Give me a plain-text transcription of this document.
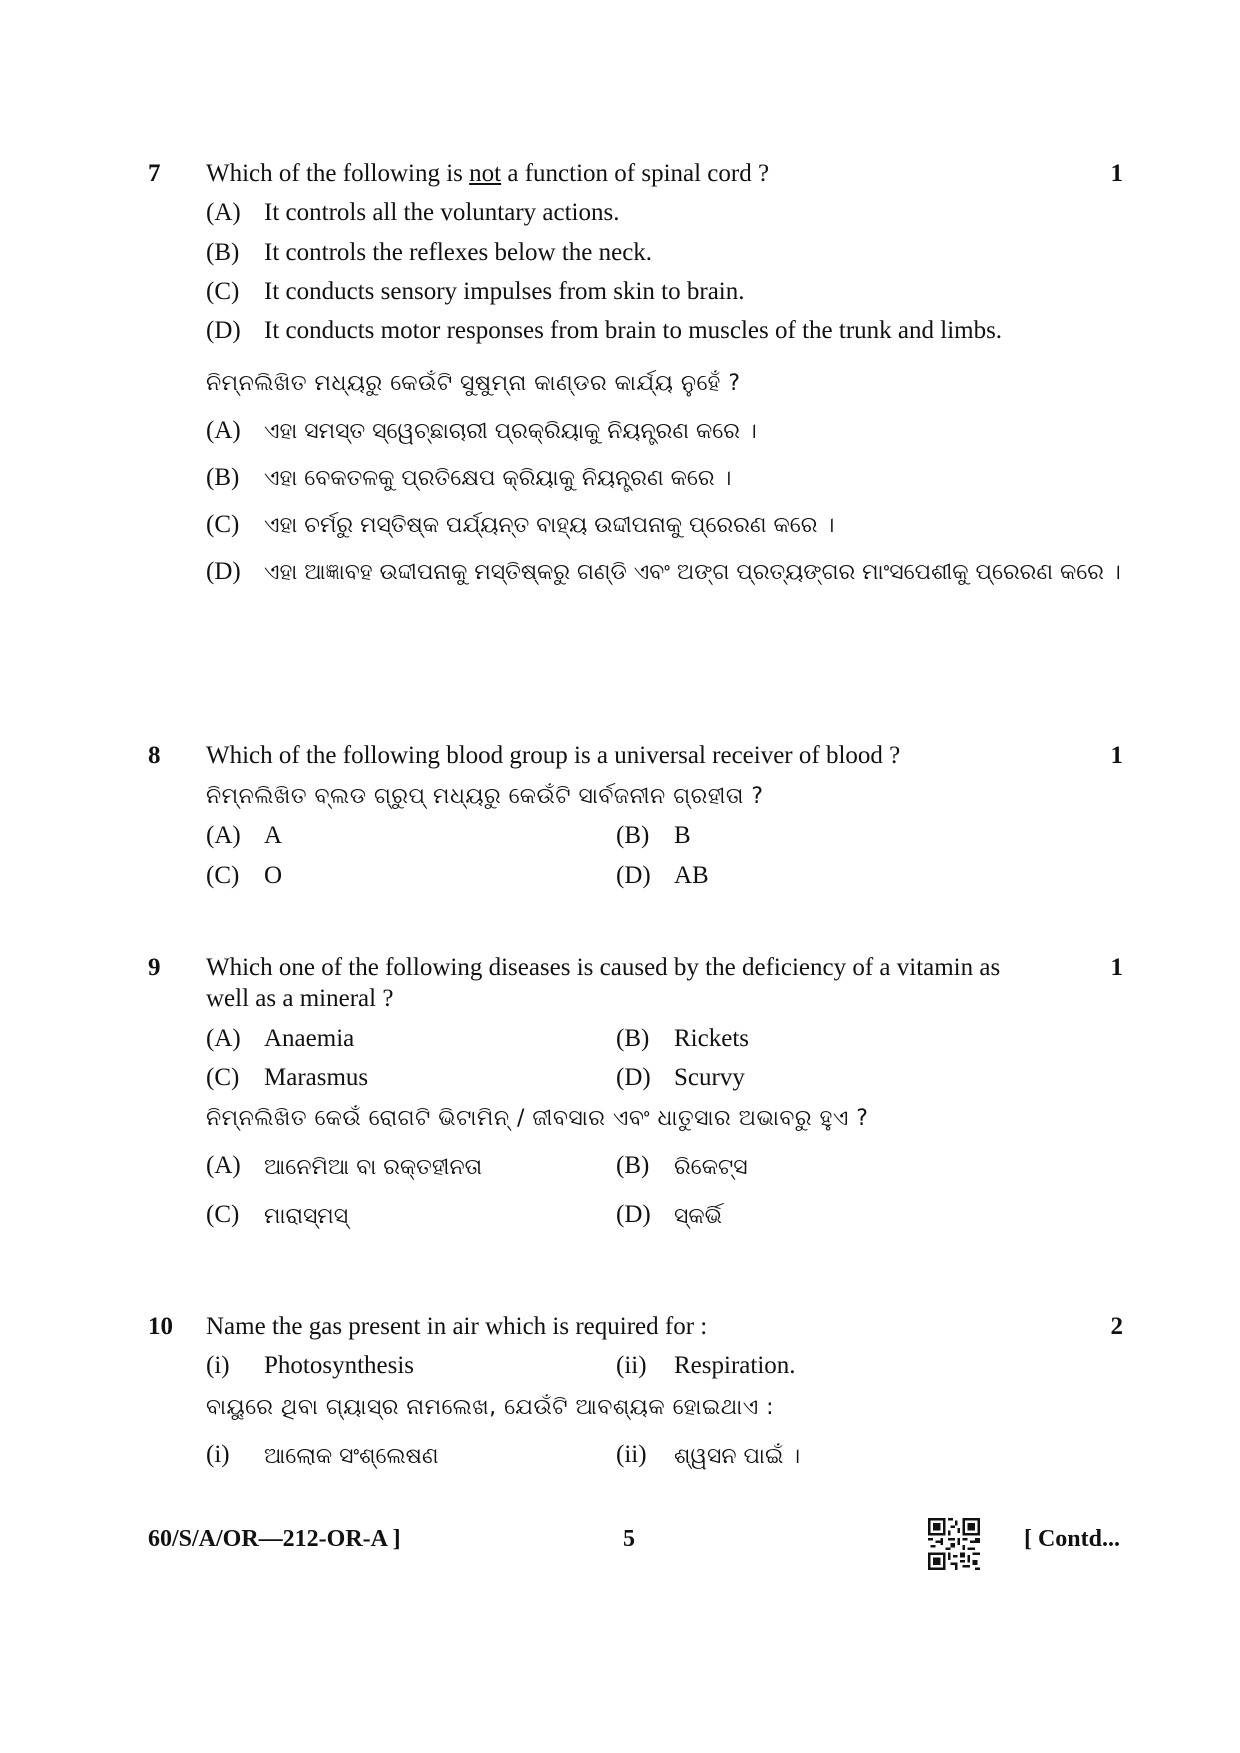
7	1
Which of the following is not a function of spinal cord ?
(A) It controls all the voluntary actions.
(B) It controls the reflexes below the neck.
(C) It conducts sensory impulses from skin to brain.
(D) It conducts motor responses from brain to muscles of the trunk and limbs.
ନିମ୍ନଲିଖିତ ମଧ୍ୟରୁ କେଉଁଟି ସୁଷୁମ୍ନା କାଣ୍ଡର କାର୍ଯ୍ୟ ନୁହେଁ ?
(A)	ଏହା ସମସ୍ତ ସ୍ୱେଚ୍ଛାଚାରୀ ପ୍ରକ୍ରିୟାକୁ ନିୟନ୍ତ୍ରଣ କରେ ।
(B)	ଏହା ବେକତଳକୁ ପ୍ରତିକ୍ଷେପ କ୍ରିୟାକୁ ନିୟନ୍ତ୍ରଣ କରେ ।
(C)	ଏହା ଚର୍ମରୁ ମସ୍ତିଷ୍କ ପର୍ଯ୍ୟନ୍ତ ବାହ୍ୟ ଉଦ୍ଦୀପନାକୁ ପ୍ରେରଣ କରେ ।
(D)	ଏହା ଆଜ୍ଞାବହ ଉଦ୍ଦୀପନାକୁ ମସ୍ତିଷ୍କରୁ ଗଣ୍ଡି ଏବଂ ଅଙ୍ଗ ପ୍ରତ୍ୟଙ୍ଗର ମାଂସପେଶୀକୁ ପ୍ରେରଣ କରେ ।
8	1
Which of the following blood group is a universal receiver of blood ?
ନିମ୍ନଲିଖିତ ବ୍ଲଡ ଗ୍ରୁପ୍ ମଧ୍ୟରୁ କେଉଁଟି ସାର୍ବଜନୀନ ଗ୍ରହୀତା ?
(A) A	(B) B
(C) O	(D) AB
9	1
Which one of the following diseases is caused by the deficiency of a vitamin as well as a mineral ?
(A) Anaemia	(B) Rickets
(C) Marasmus	(D) Scurvy
ନିମ୍ନଲିଖିତ କେଉଁ ରୋଗଟି ଭିଟାମିନ୍ / ଜୀବସାର ଏବଂ ଧାତୁସାର ଅଭାବରୁ ହୁଏ ?
(A)	ଆନେମିଆ ବା ରକ୍ତହୀନତା	(B)	ରିକେଟ୍ସ
(C)	ମାରାସ୍ମସ୍	(D)	ସ୍କର୍ଭି
10	2
Name the gas present in air which is required for :
(i)	Photosynthesis	(ii)	Respiration.
ବାୟୁରେ ଥିବା ଗ୍ୟାସ୍ର ନାମଲେଖ, ଯେଉଁଟି ଆବଶ୍ୟକ ହୋଇଥାଏ :
(i)	ଆଲୋକ ସଂଶ୍ଲେଷଣ	(ii)	ଶ୍ୱସନ ପାଇଁ ।
60/S/A/OR—212-OR-A ]	5	[ Contd...
